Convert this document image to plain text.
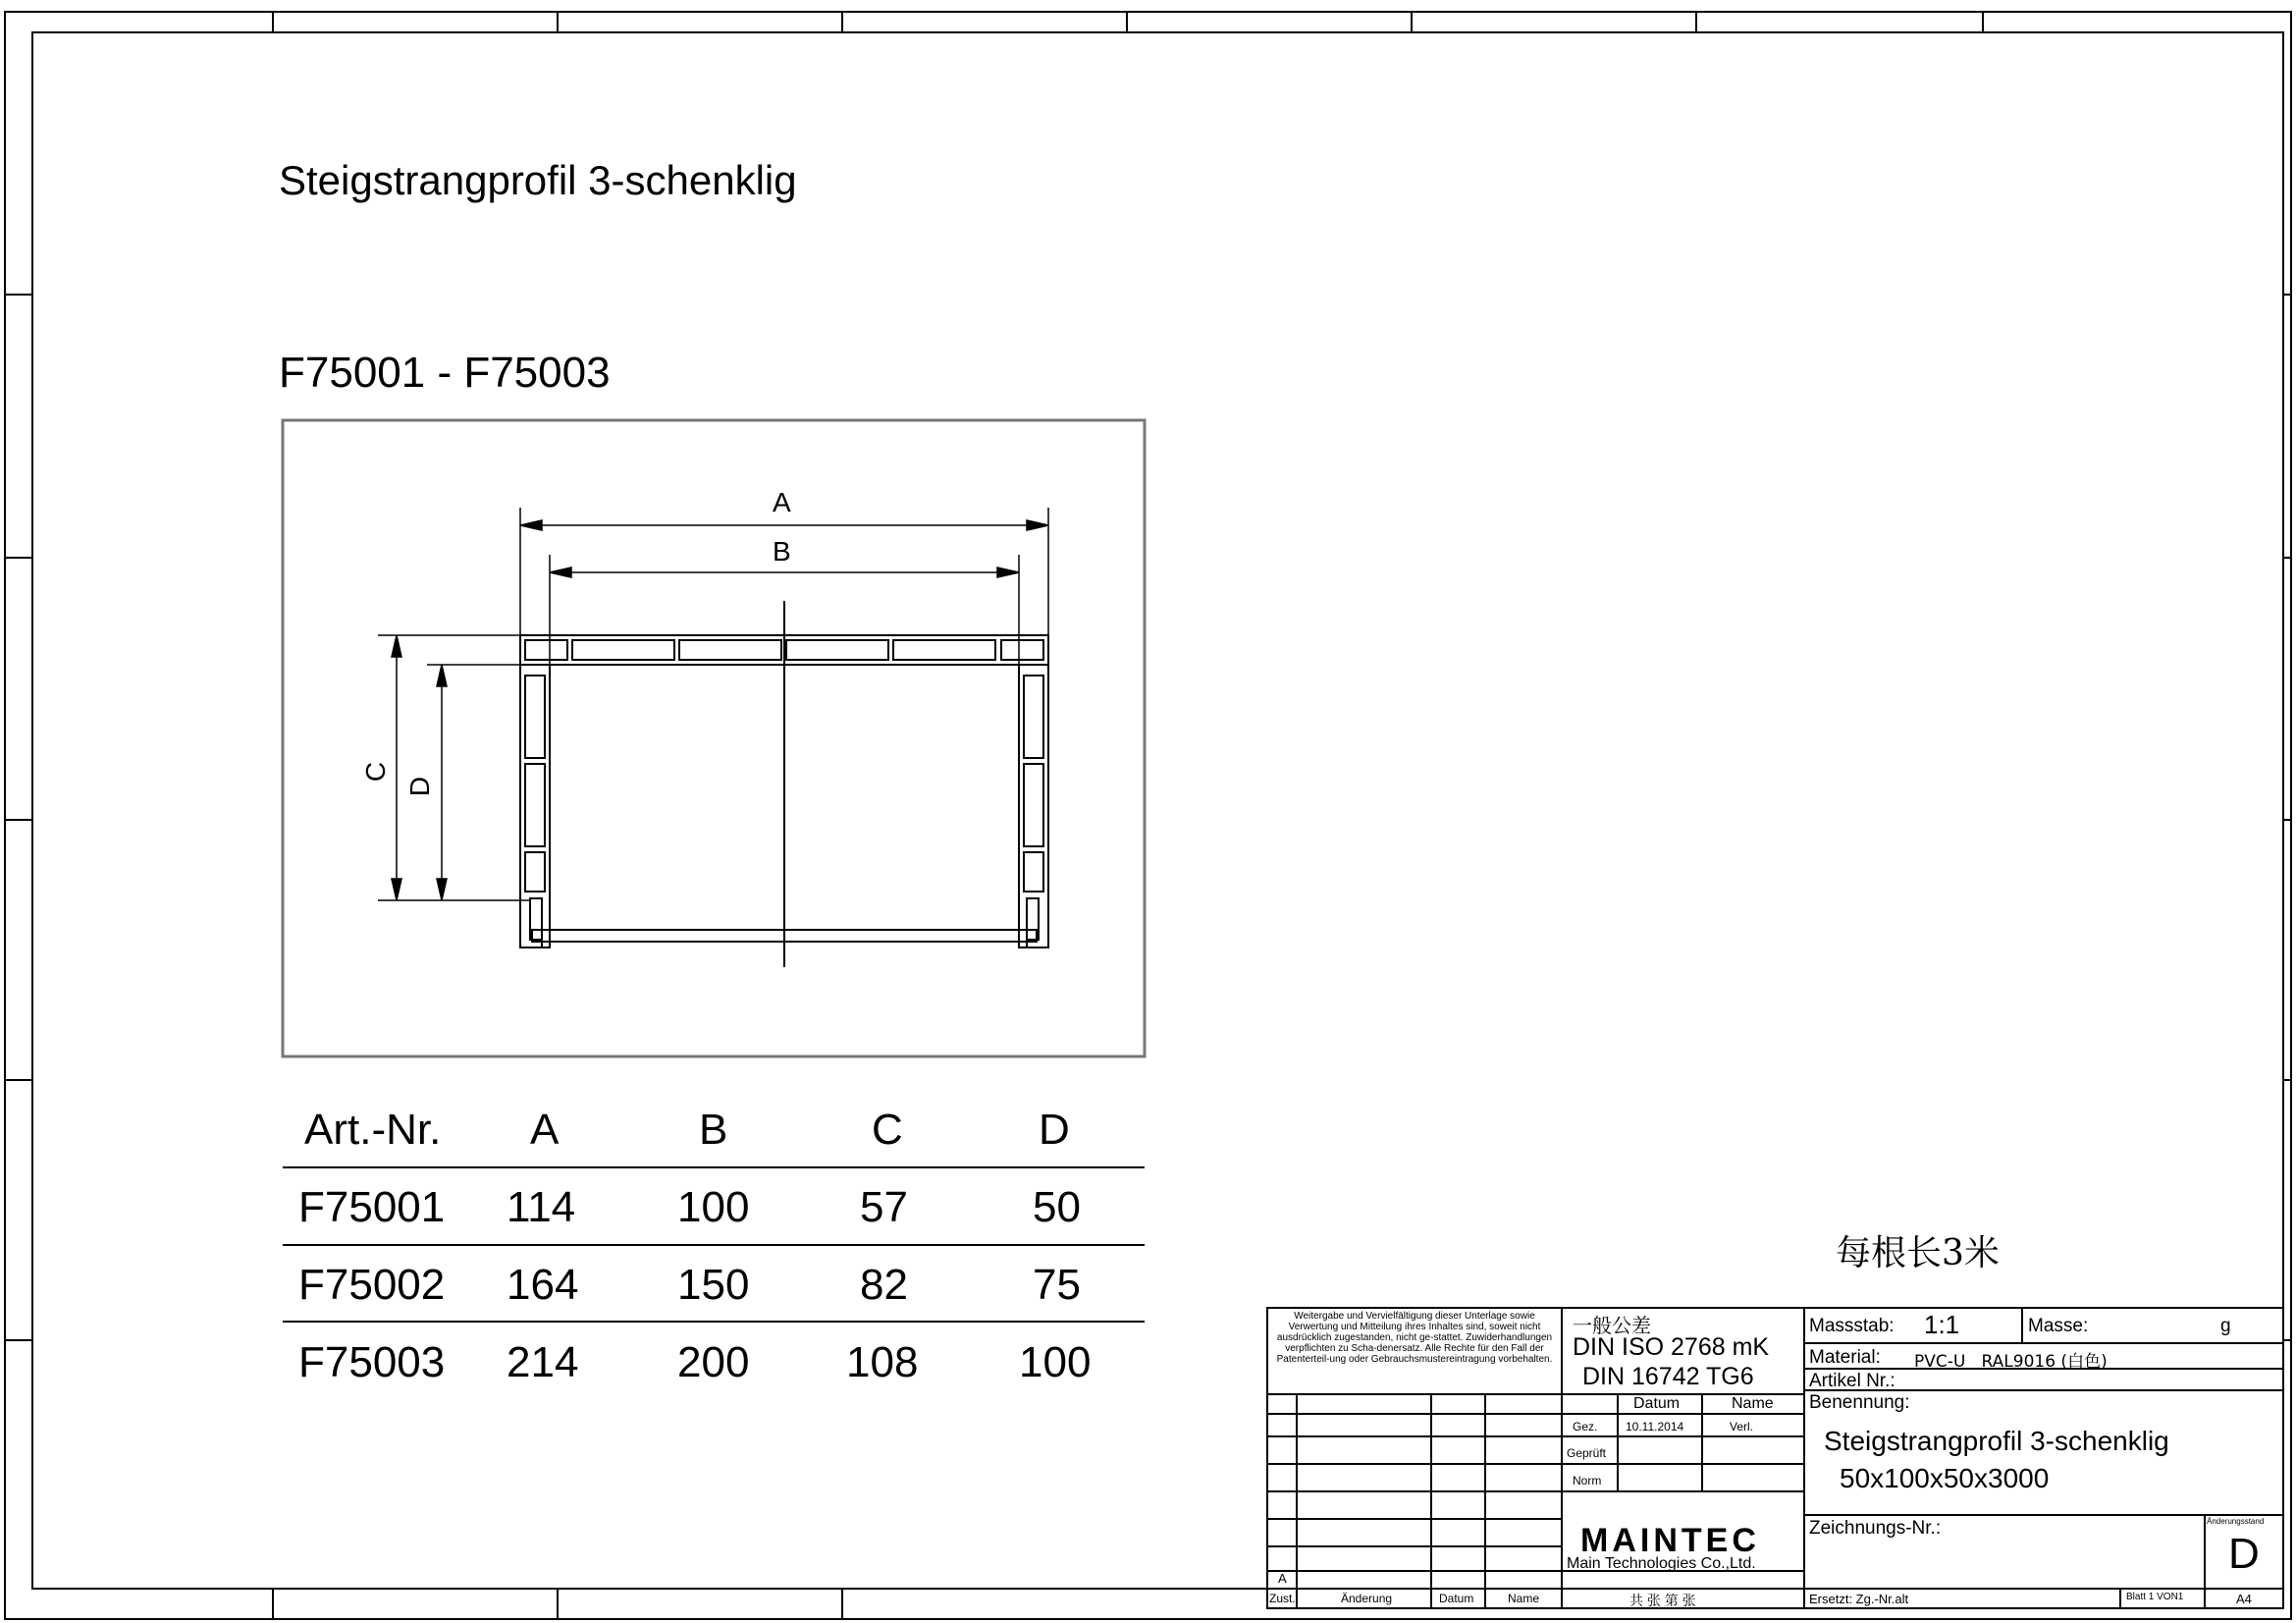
Steigstrangprofil 3-schenklig
F75001 - F75003
A
B
C
D
Art.-Nr. A	B	C	D
F75001 114 100	57	50
F75002 164 150	82	75
F75003 214 200 108 100
每根长3米
Weitergabe und Vervielfältigung dieser Unterlage sowie Verwertung und Mitteilung ihres Inhaltes sind, soweit nicht ausdrücklich zugestanden, nicht ge-stattet. Zuwiderhandlungen verpflichten zu Scha-denersatz. Alle Rechte für den Fall der Patenterteil-ung oder Gebrauchsmustereintragung vorbehalten.
一般公差
DIN ISO 2768 mK
DIN 16742 TG6
Datum	Name
Gez. 10.11.2014	Verl.
Geprüft
Norm
MAINTEC
Main Technologies Co.,Ltd.
A
Zust.	Änderung	Datum	Name	共 张 第 张
Massstab: 1:1	Masse:	g
Material: PVC-U   RAL9016 (白色)
Artikel Nr.:
Benennung:
Steigstrangprofil 3-schenklig
50x100x50x3000
Zeichnungs-Nr.:	Änderungsstand
D
Ersetzt: Zg.-Nr.alt	Blatt 1 VON1	A4
